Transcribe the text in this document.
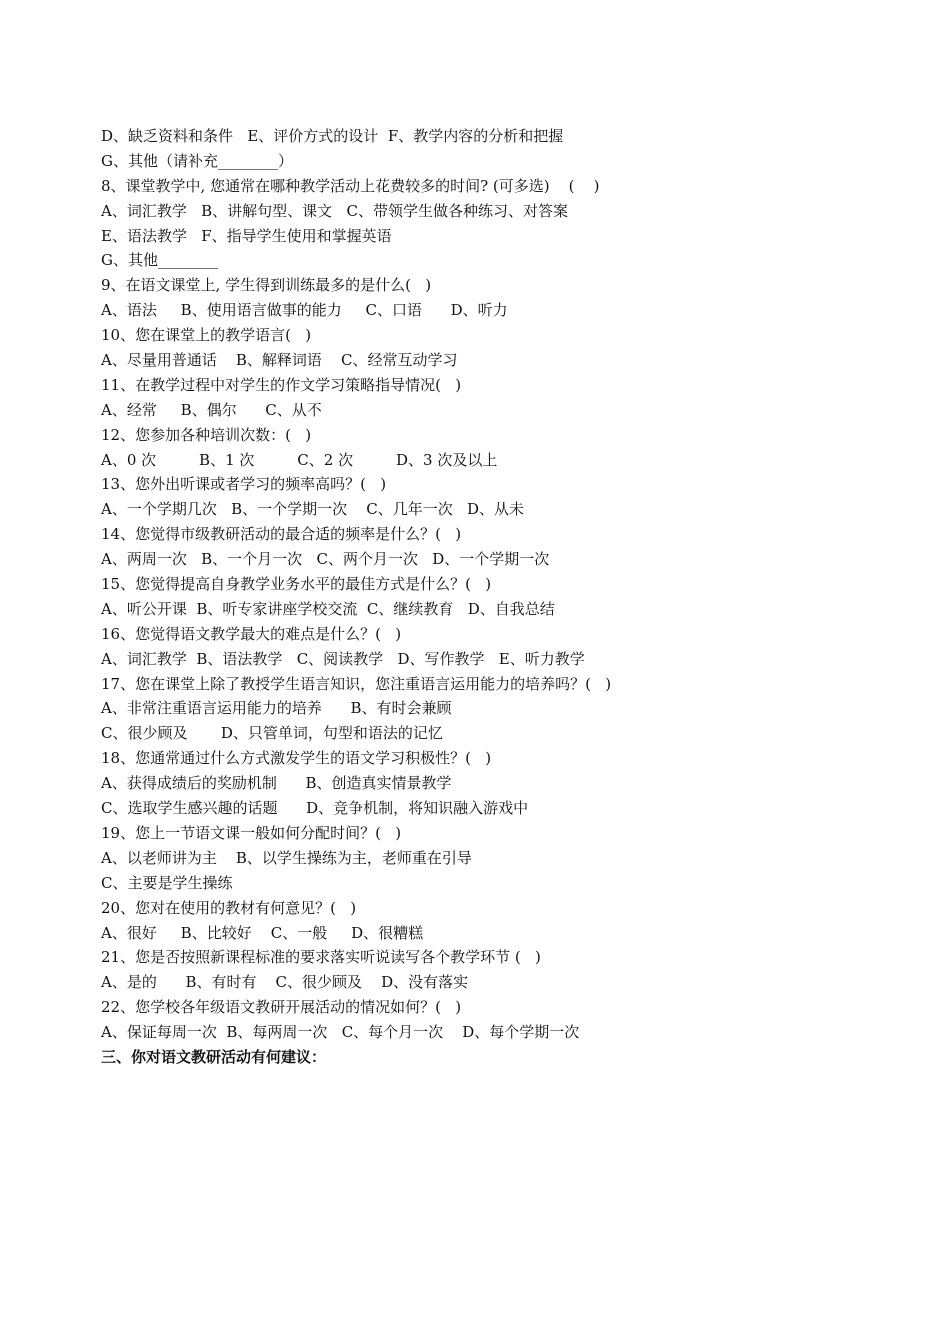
D、缺乏资料和条件   E、评价方式的设计  F、教学内容的分析和把握
G、其他（请补充________）
8、课堂教学中, 您通常在哪种教学活动上花费较多的时间? (可多选)    (    )
A、词汇教学   B、讲解句型、课文   C、带领学生做各种练习、对答案
E、语法教学   F、指导学生使用和掌握英语
G、其他________
9、在语文课堂上, 学生得到训练最多的是什么(   )
A、语法     B、使用语言做事的能力     C、口语      D、听力
10、您在课堂上的教学语言(   )
A、尽量用普通话    B、解释词语    C、经常互动学习
11、在教学过程中对学生的作文学习策略指导情况(   )
A、经常     B、偶尔      C、从不
12、您参加各种培训次数：(   )
A、0 次         B、1 次         C、2 次         D、3 次及以上
13、您外出听课或者学习的频率高吗？(   )
A、一个学期几次   B、一个学期一次    C、几年一次   D、从未
14、您觉得市级教研活动的最合适的频率是什么？(   )
A、两周一次   B、一个月一次   C、两个月一次   D、一个学期一次
15、您觉得提高自身教学业务水平的最佳方式是什么？(   )
A、听公开课  B、听专家讲座学校交流  C、继续教育   D、自我总结
16、您觉得语文教学最大的难点是什么？(   )
A、词汇教学  B、语法教学   C、阅读教学   D、写作教学   E、听力教学
17、您在课堂上除了教授学生语言知识，您注重语言运用能力的培养吗？(   )
A、非常注重语言运用能力的培养      B、有时会兼顾
C、很少顾及       D、只管单词，句型和语法的记忆
18、您通常通过什么方式激发学生的语文学习积极性？(   )
A、获得成绩后的奖励机制      B、创造真实情景教学
C、选取学生感兴趣的话题      D、竞争机制，将知识融入游戏中
19、您上一节语文课一般如何分配时间？(   )
A、以老师讲为主    B、以学生操练为主，老师重在引导
C、主要是学生操练
20、您对在使用的教材有何意见？(   )
A、很好     B、比较好    C、一般     D、很糟糕
21、您是否按照新课程标准的要求落实听说读写各个教学环节 (   )
A、是的      B、有时有    C、很少顾及    D、没有落实
22、您学校各年级语文教研开展活动的情况如何？(   )
A、保证每周一次  B、每两周一次   C、每个月一次    D、每个学期一次
三、你对语文教研活动有何建议：
